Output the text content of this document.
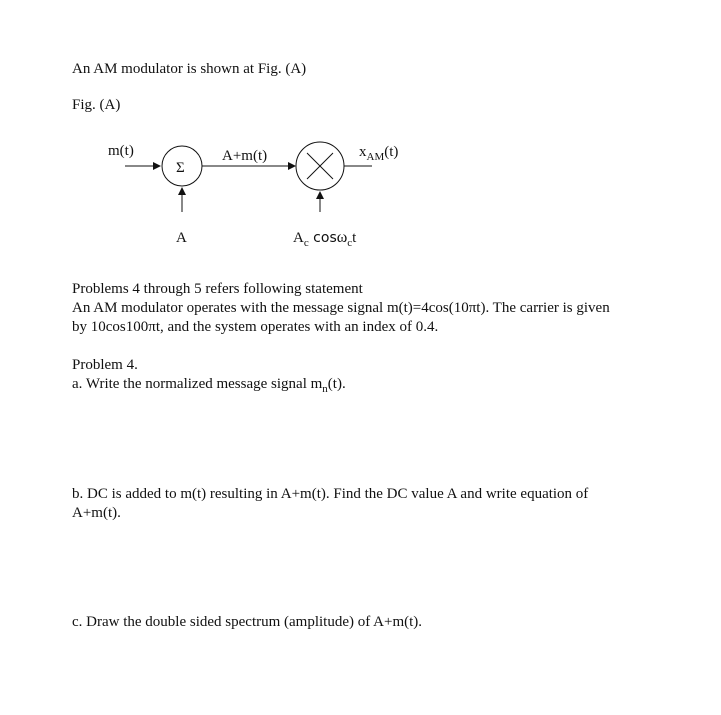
An AM modulator is shown at Fig. (A)
Fig. (A)
m(t)
Σ
A+m(t)	$x_{AM}(t)$
A	$A_c$ cosω$_c$t
Problems 4 through 5 refers following statement
An AM modulator operates with the message signal m(t)=4cos(10πt). The carrier is given
by 10cos100πt, and the system operates with an index of 0.4.
Problem 4.
a. Write the normalized message signal $m_n(t)$.
b. DC is added to m(t) resulting in A+m(t). Find the DC value A and write equation of
A+m(t).
c. Draw the double sided spectrum (amplitude) of A+m(t).
